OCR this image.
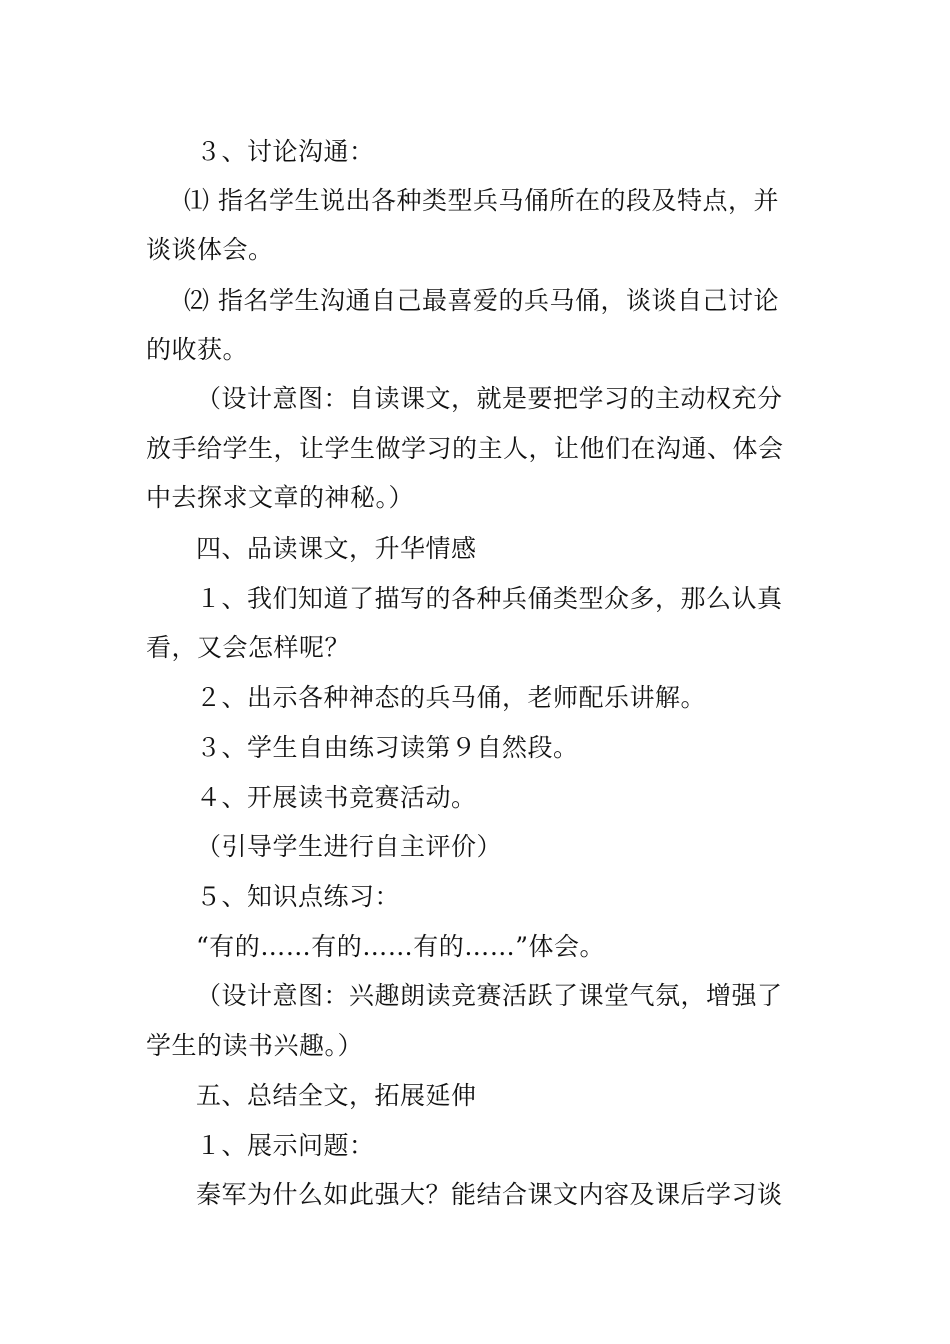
３、讨论沟通：
⑴ 指名学生说出各种类型兵马俑所在的段及特点，并
谈谈体会。
⑵ 指名学生沟通自己最喜爱的兵马俑，谈谈自己讨论
的收获。
（设计意图：自读课文，就是要把学习的主动权充分
放手给学生，让学生做学习的主人，让他们在沟通、体会
中去探求文章的神秘。）
四、品读课文，升华情感
１、我们知道了描写的各种兵俑类型众多，那么认真
看，又会怎样呢？
２、出示各种神态的兵马俑，老师配乐讲解。
３、学生自由练习读第９自然段。
４、开展读书竞赛活动。
（引导学生进行自主评价）
５、知识点练习：
“有的……有的……有的……”体会。
（设计意图：兴趣朗读竞赛活跃了课堂气氛，增强了
学生的读书兴趣。）
五、总结全文，拓展延伸
１、展示问题：
秦军为什么如此强大？能结合课文内容及课后学习谈
